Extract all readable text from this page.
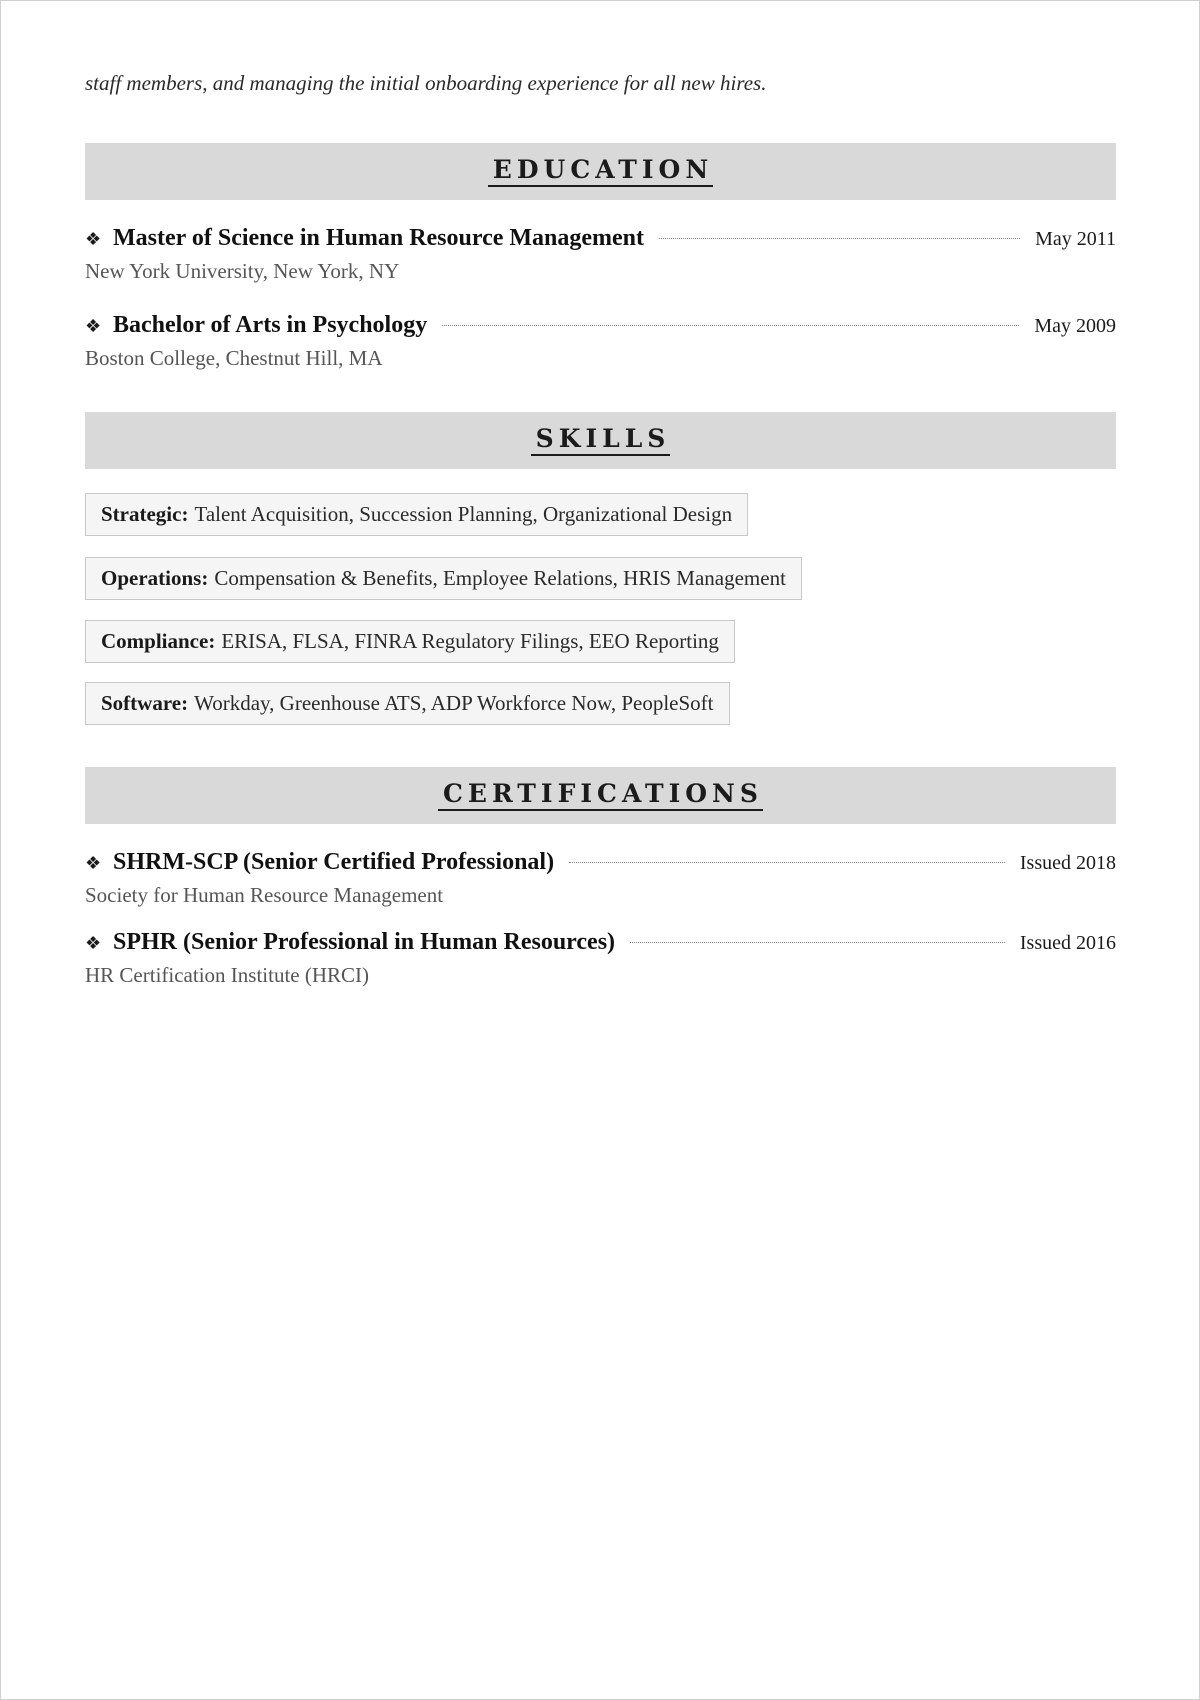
staff members, and managing the initial onboarding experience for all new hires.
EDUCATION
❖ Master of Science in Human Resource Management	May 2011
New York University, New York, NY
❖ Bachelor of Arts in Psychology	May 2009
Boston College, Chestnut Hill, MA
SKILLS
Strategic: Talent Acquisition, Succession Planning, Organizational Design
Operations: Compensation & Benefits, Employee Relations, HRIS Management
Compliance: ERISA, FLSA, FINRA Regulatory Filings, EEO Reporting
Software: Workday, Greenhouse ATS, ADP Workforce Now, PeopleSoft
CERTIFICATIONS
❖ SHRM-SCP (Senior Certified Professional)	Issued 2018
Society for Human Resource Management
❖ SPHR (Senior Professional in Human Resources)	Issued 2016
HR Certification Institute (HRCI)
